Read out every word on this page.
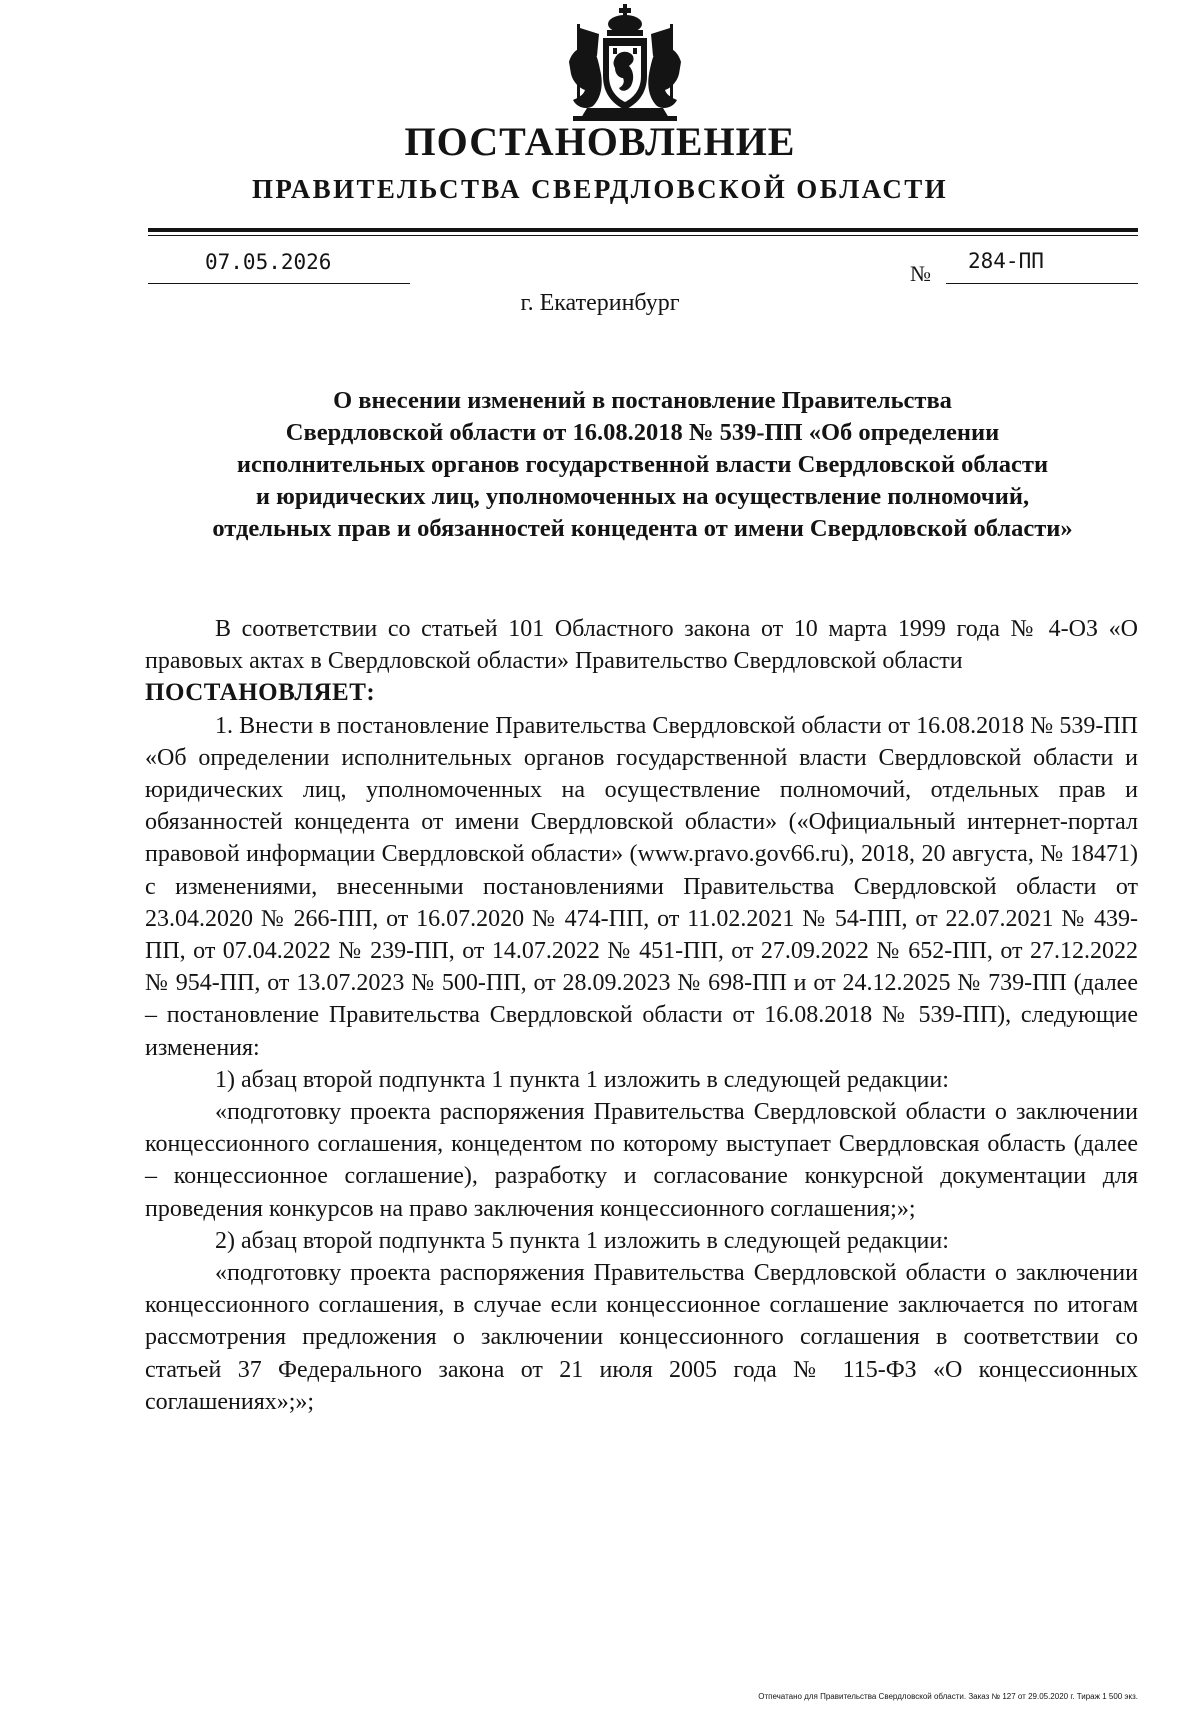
ПОСТАНОВЛЕНИЕ
ПРАВИТЕЛЬСТВА СВЕРДЛОВСКОЙ ОБЛАСТИ
07.05.2026	№ 284-ПП
г. Екатеринбург
О внесении изменений в постановление Правительства
Свердловской области от 16.08.2018 № 539-ПП «Об определении
исполнительных органов государственной власти Свердловской области
и юридических лиц, уполномоченных на осуществление полномочий,
отдельных прав и обязанностей концедента от имени Свердловской области»

В соответствии со статьей 101 Областного закона от 10 марта 1999 года № 4-ОЗ «О правовых актах в Свердловской области» Правительство Свердловской области

ПОСТАНОВЛЯЕТ:

1. Внести в постановление Правительства Свердловской области от 16.08.2018 № 539-ПП «Об определении исполнительных органов государственной власти Свердловской области и юридических лиц, уполномоченных на осуществление полномочий, отдельных прав и обязанностей концедента от имени Свердловской области» («Официальный интернет-портал правовой информации Свердловской области» (www.pravo.gov66.ru), 2018, 20 августа, № 18471) с изменениями, внесенными постановлениями Правительства Свердловской области от 23.04.2020 № 266-ПП, от 16.07.2020 № 474-ПП, от 11.02.2021 № 54-ПП, от 22.07.2021 № 439-ПП, от 07.04.2022 № 239-ПП, от 14.07.2022 № 451-ПП, от 27.09.2022 № 652-ПП, от 27.12.2022 № 954-ПП, от 13.07.2023 № 500-ПП, от 28.09.2023 № 698-ПП и от 24.12.2025 № 739-ПП (далее – постановление Правительства Свердловской области от 16.08.2018 № 539-ПП), следующие изменения:

1) абзац второй подпункта 1 пункта 1 изложить в следующей редакции:

«подготовку проекта распоряжения Правительства Свердловской области о заключении концессионного соглашения, концедентом по которому выступает Свердловская область (далее – концессионное соглашение), разработку и согласование конкурсной документации для проведения конкурсов на право заключения концессионного соглашения;»;

2) абзац второй подпункта 5 пункта 1 изложить в следующей редакции:

«подготовку проекта распоряжения Правительства Свердловской области о заключении концессионного соглашения, в случае если концессионное соглашение заключается по итогам рассмотрения предложения о заключении концессионного соглашения в соответствии со статьей 37 Федерального закона от 21 июля 2005 года № 115-ФЗ «О концессионных соглашениях»;»;

Отпечатано для Правительства Свердловской области. Заказ № 127 от 29.05.2020 г. Тираж 1 500 экз.
